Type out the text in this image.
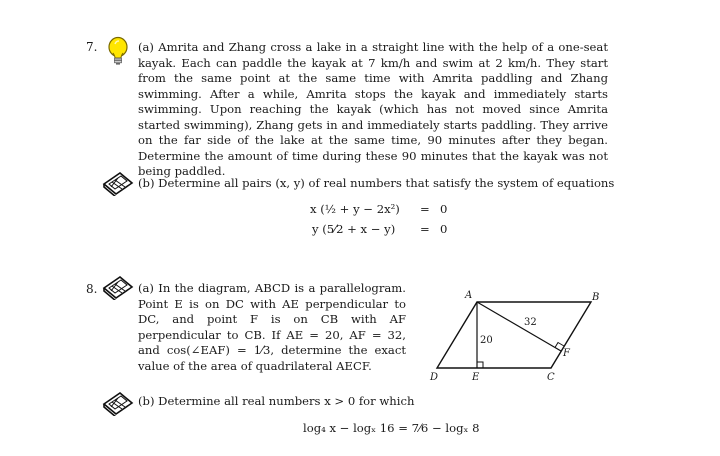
7.	(a) Amrita and Zhang cross a lake in a straight line with the help of a one-seat kayak. Each can paddle the kayak at 7 km/h and swim at 2 km/h. They start from the same point at the same time with Amrita paddling and Zhang swimming. After a while, Amrita stops the kayak and immediately starts swimming. Upon reaching the kayak (which has not moved since Amrita started swimming), Zhang gets in and immediately starts paddling. They arrive on the far side of the lake at the same time, 90 minutes after they began. Determine the amount of time during these 90 minutes that the kayak was not being paddled.
(b) Determine all pairs (x, y) of real numbers that satisfy the system of equations
x (½ + y − 2x²) = 0
y (5⁄2 + x − y) = 0
8.	(a) In the diagram, ABCD is a parallelogram. Point E is on DC with AE perpendicular to DC, and point F is on CB with AF perpendicular to CB. If AE = 20, AF = 32, and cos(∠EAF) = 1⁄3, determine the exact value of the area of quadrilateral AECF.
A	B
C
D	E
F
20
32
(b) Determine all real numbers x > 0 for which
log₄ x − logₓ 16 = 7⁄6 − logₓ 8
